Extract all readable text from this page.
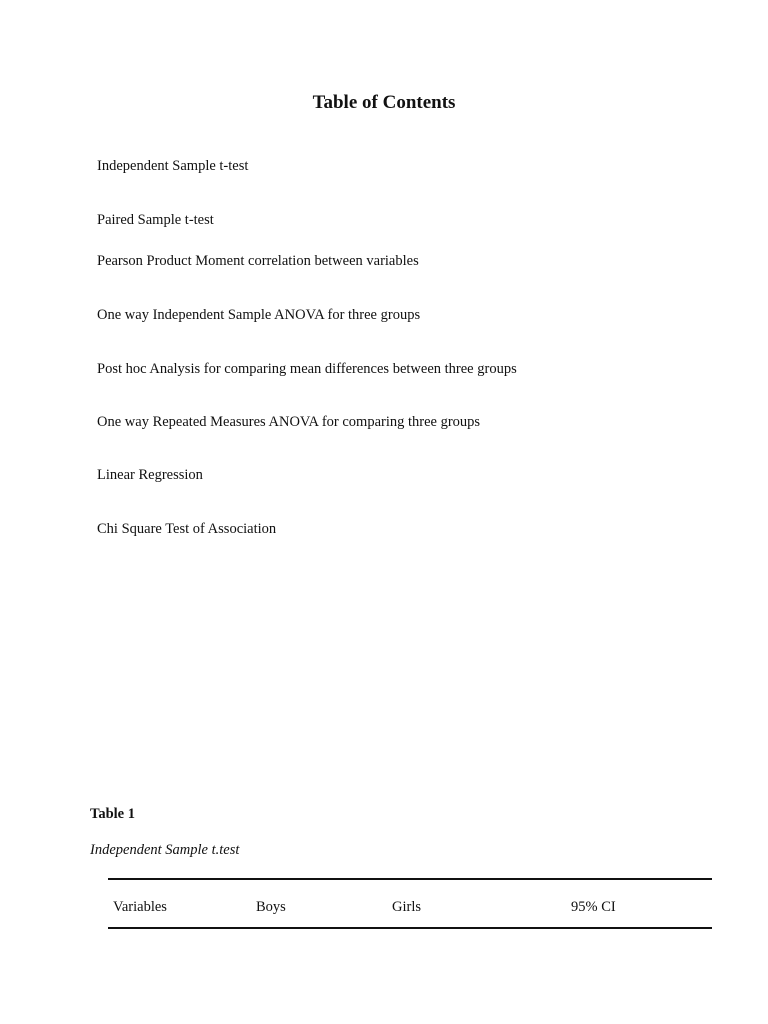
Table of Contents

Independent Sample t-test

Paired Sample t-test

Pearson Product Moment correlation between variables

One way Independent Sample ANOVA for three groups

Post hoc Analysis for comparing mean differences between three groups

One way Repeated Measures ANOVA for comparing three groups

Linear Regression

Chi Square Test of Association

Table 1

Independent Sample t.test

Variables	Boys	Girls	95% CI
